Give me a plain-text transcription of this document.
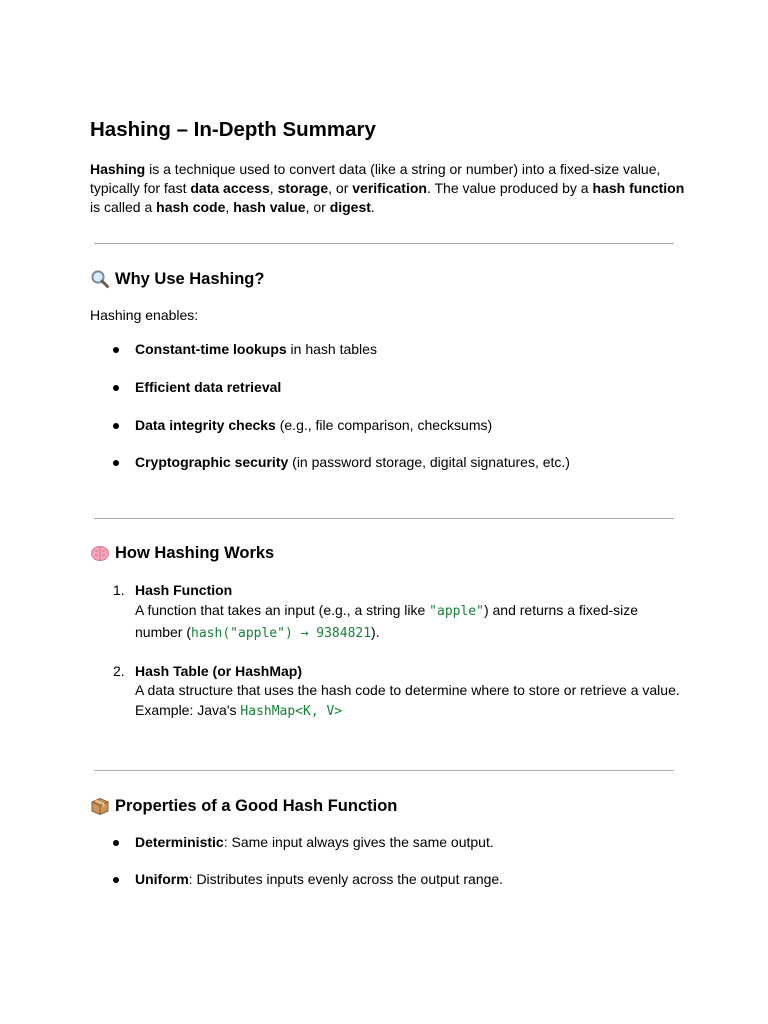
Hashing – In-Depth Summary
Hashing is a technique used to convert data (like a string or number) into a fixed-size value, typically for fast data access, storage, or verification. The value produced by a hash function is called a hash code, hash value, or digest.
Why Use Hashing?
Hashing enables:
Constant-time lookups in hash tables
Efficient data retrieval
Data integrity checks (e.g., file comparison, checksums)
Cryptographic security (in password storage, digital signatures, etc.)
How Hashing Works
1. Hash Function
A function that takes an input (e.g., a string like "apple") and returns a fixed-size
number (hash("apple") → 9384821).
2. Hash Table (or HashMap)
A data structure that uses the hash code to determine where to store or retrieve a value.
Example: Java's HashMap<K, V>
Properties of a Good Hash Function
Deterministic: Same input always gives the same output.
Uniform: Distributes inputs evenly across the output range.
